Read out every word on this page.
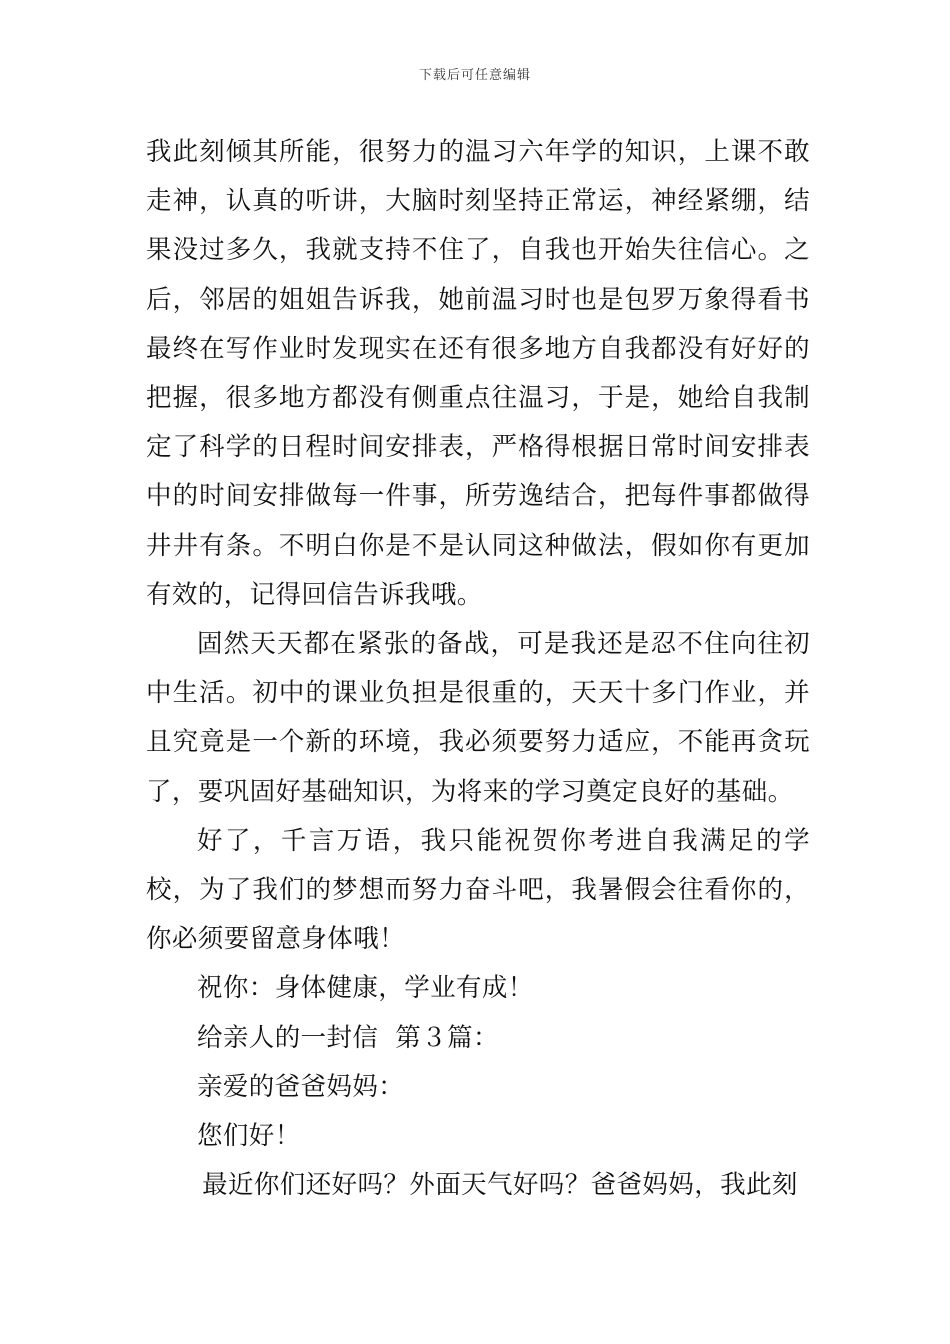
下载后可任意编辑

我此刻倾其所能，很努力的温习六年学的知识，上课不敢走神，认真的听讲，大脑时刻坚持正常运，神经紧绷，结果没过多久，我就支持不住了，自我也开始失往信心。之后，邻居的姐姐告诉我，她前温习时也是包罗万象得看书最终在写作业时发现实在还有很多地方自我都没有好好的把握，很多地方都没有侧重点往温习，于是，她给自我制定了科学的日程时间安排表，严格得根据日常时间安排表中的时间安排做每一件事，所劳逸结合，把每件事都做得井井有条。不明白你是不是认同这种做法，假如你有更加有效的，记得回信告诉我哦。

固然天天都在紧张的备战，可是我还是忍不住向往初中生活。初中的课业负担是很重的，天天十多门作业，并且究竟是一个新的环境，我必须要努力适应，不能再贪玩了，要巩固好基础知识，为将来的学习奠定良好的基础。

好了，千言万语，我只能祝贺你考进自我满足的学校，为了我们的梦想而努力奋斗吧，我暑假会往看你的，你必须要留意身体哦！

祝你：身体健康，学业有成！

给亲人的一封信  第３篇：

亲爱的爸爸妈妈：

您们好！

最近你们还好吗？外面天气好吗？爸爸妈妈，我此刻
